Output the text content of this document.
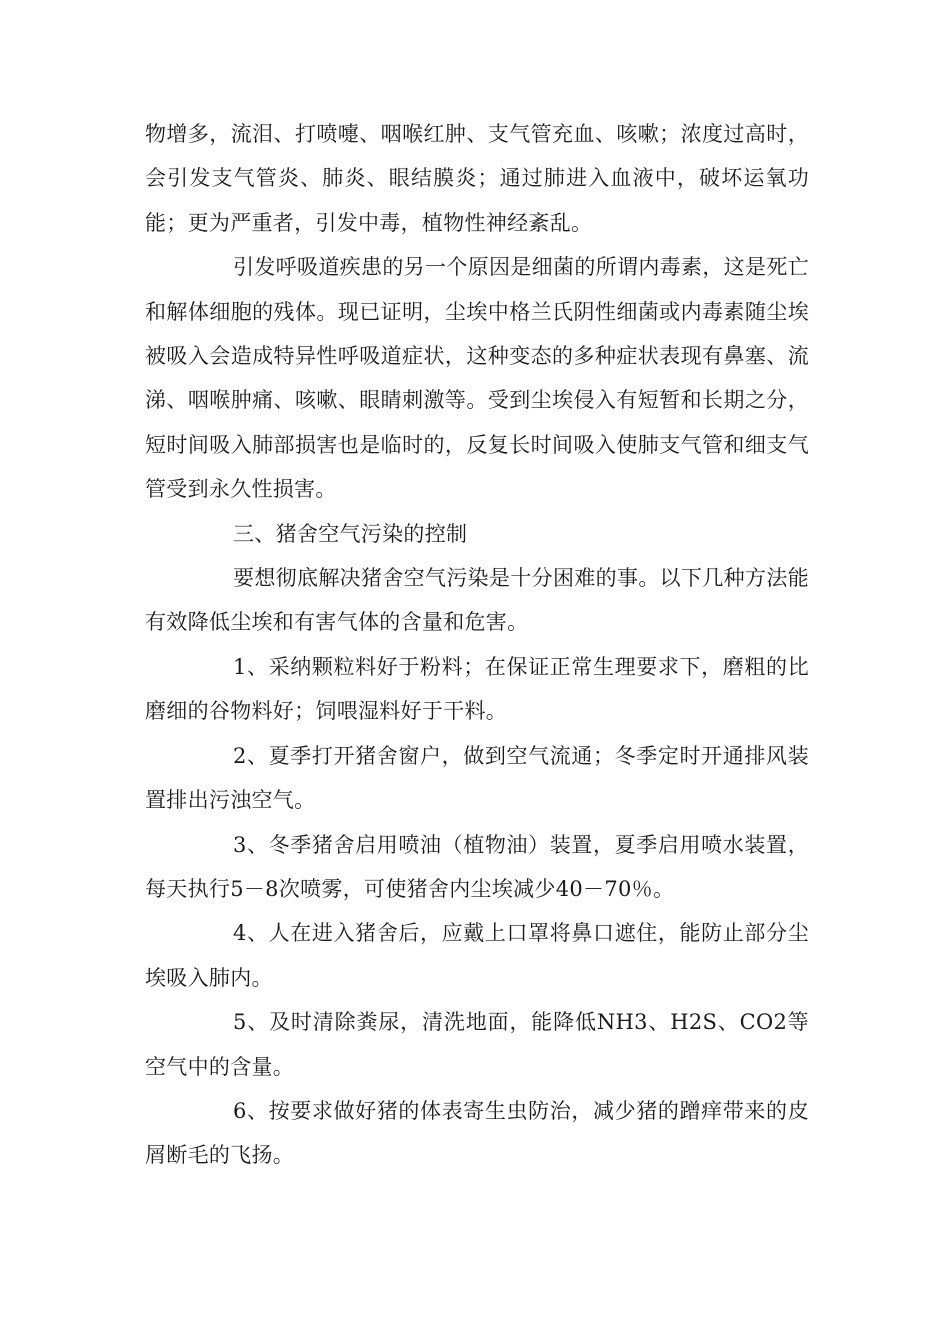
物增多，流泪、打喷嚏、咽喉红肿、支气管充血、咳嗽；浓度过高时，会引发支气管炎、肺炎、眼结膜炎；通过肺进入血液中，破坏运氧功能；更为严重者，引发中毒，植物性神经紊乱。

引发呼吸道疾患的另一个原因是细菌的所谓内毒素，这是死亡和解体细胞的残体。现已证明，尘埃中格兰氏阴性细菌或内毒素随尘埃被吸入会造成特异性呼吸道症状，这种变态的多种症状表现有鼻塞、流涕、咽喉肿痛、咳嗽、眼睛刺激等。受到尘埃侵入有短暂和长期之分，短时间吸入肺部损害也是临时的，反复长时间吸入使肺支气管和细支气管受到永久性损害。

三、猪舍空气污染的控制

要想彻底解决猪舍空气污染是十分困难的事。以下几种方法能有效降低尘埃和有害气体的含量和危害。

1、采纳颗粒料好于粉料；在保证正常生理要求下，磨粗的比磨细的谷物料好；饲喂湿料好于干料。

2、夏季打开猪舍窗户，做到空气流通；冬季定时开通排风装置排出污浊空气。

3、冬季猪舍启用喷油（植物油）装置，夏季启用喷水装置，每天执行5－8次喷雾，可使猪舍内尘埃减少40－70％。

4、人在进入猪舍后，应戴上口罩将鼻口遮住，能防止部分尘埃吸入肺内。

5、及时清除粪尿，清洗地面，能降低NH3、H2S、CO2等空气中的含量。

6、按要求做好猪的体表寄生虫防治，减少猪的蹭痒带来的皮屑断毛的飞扬。
